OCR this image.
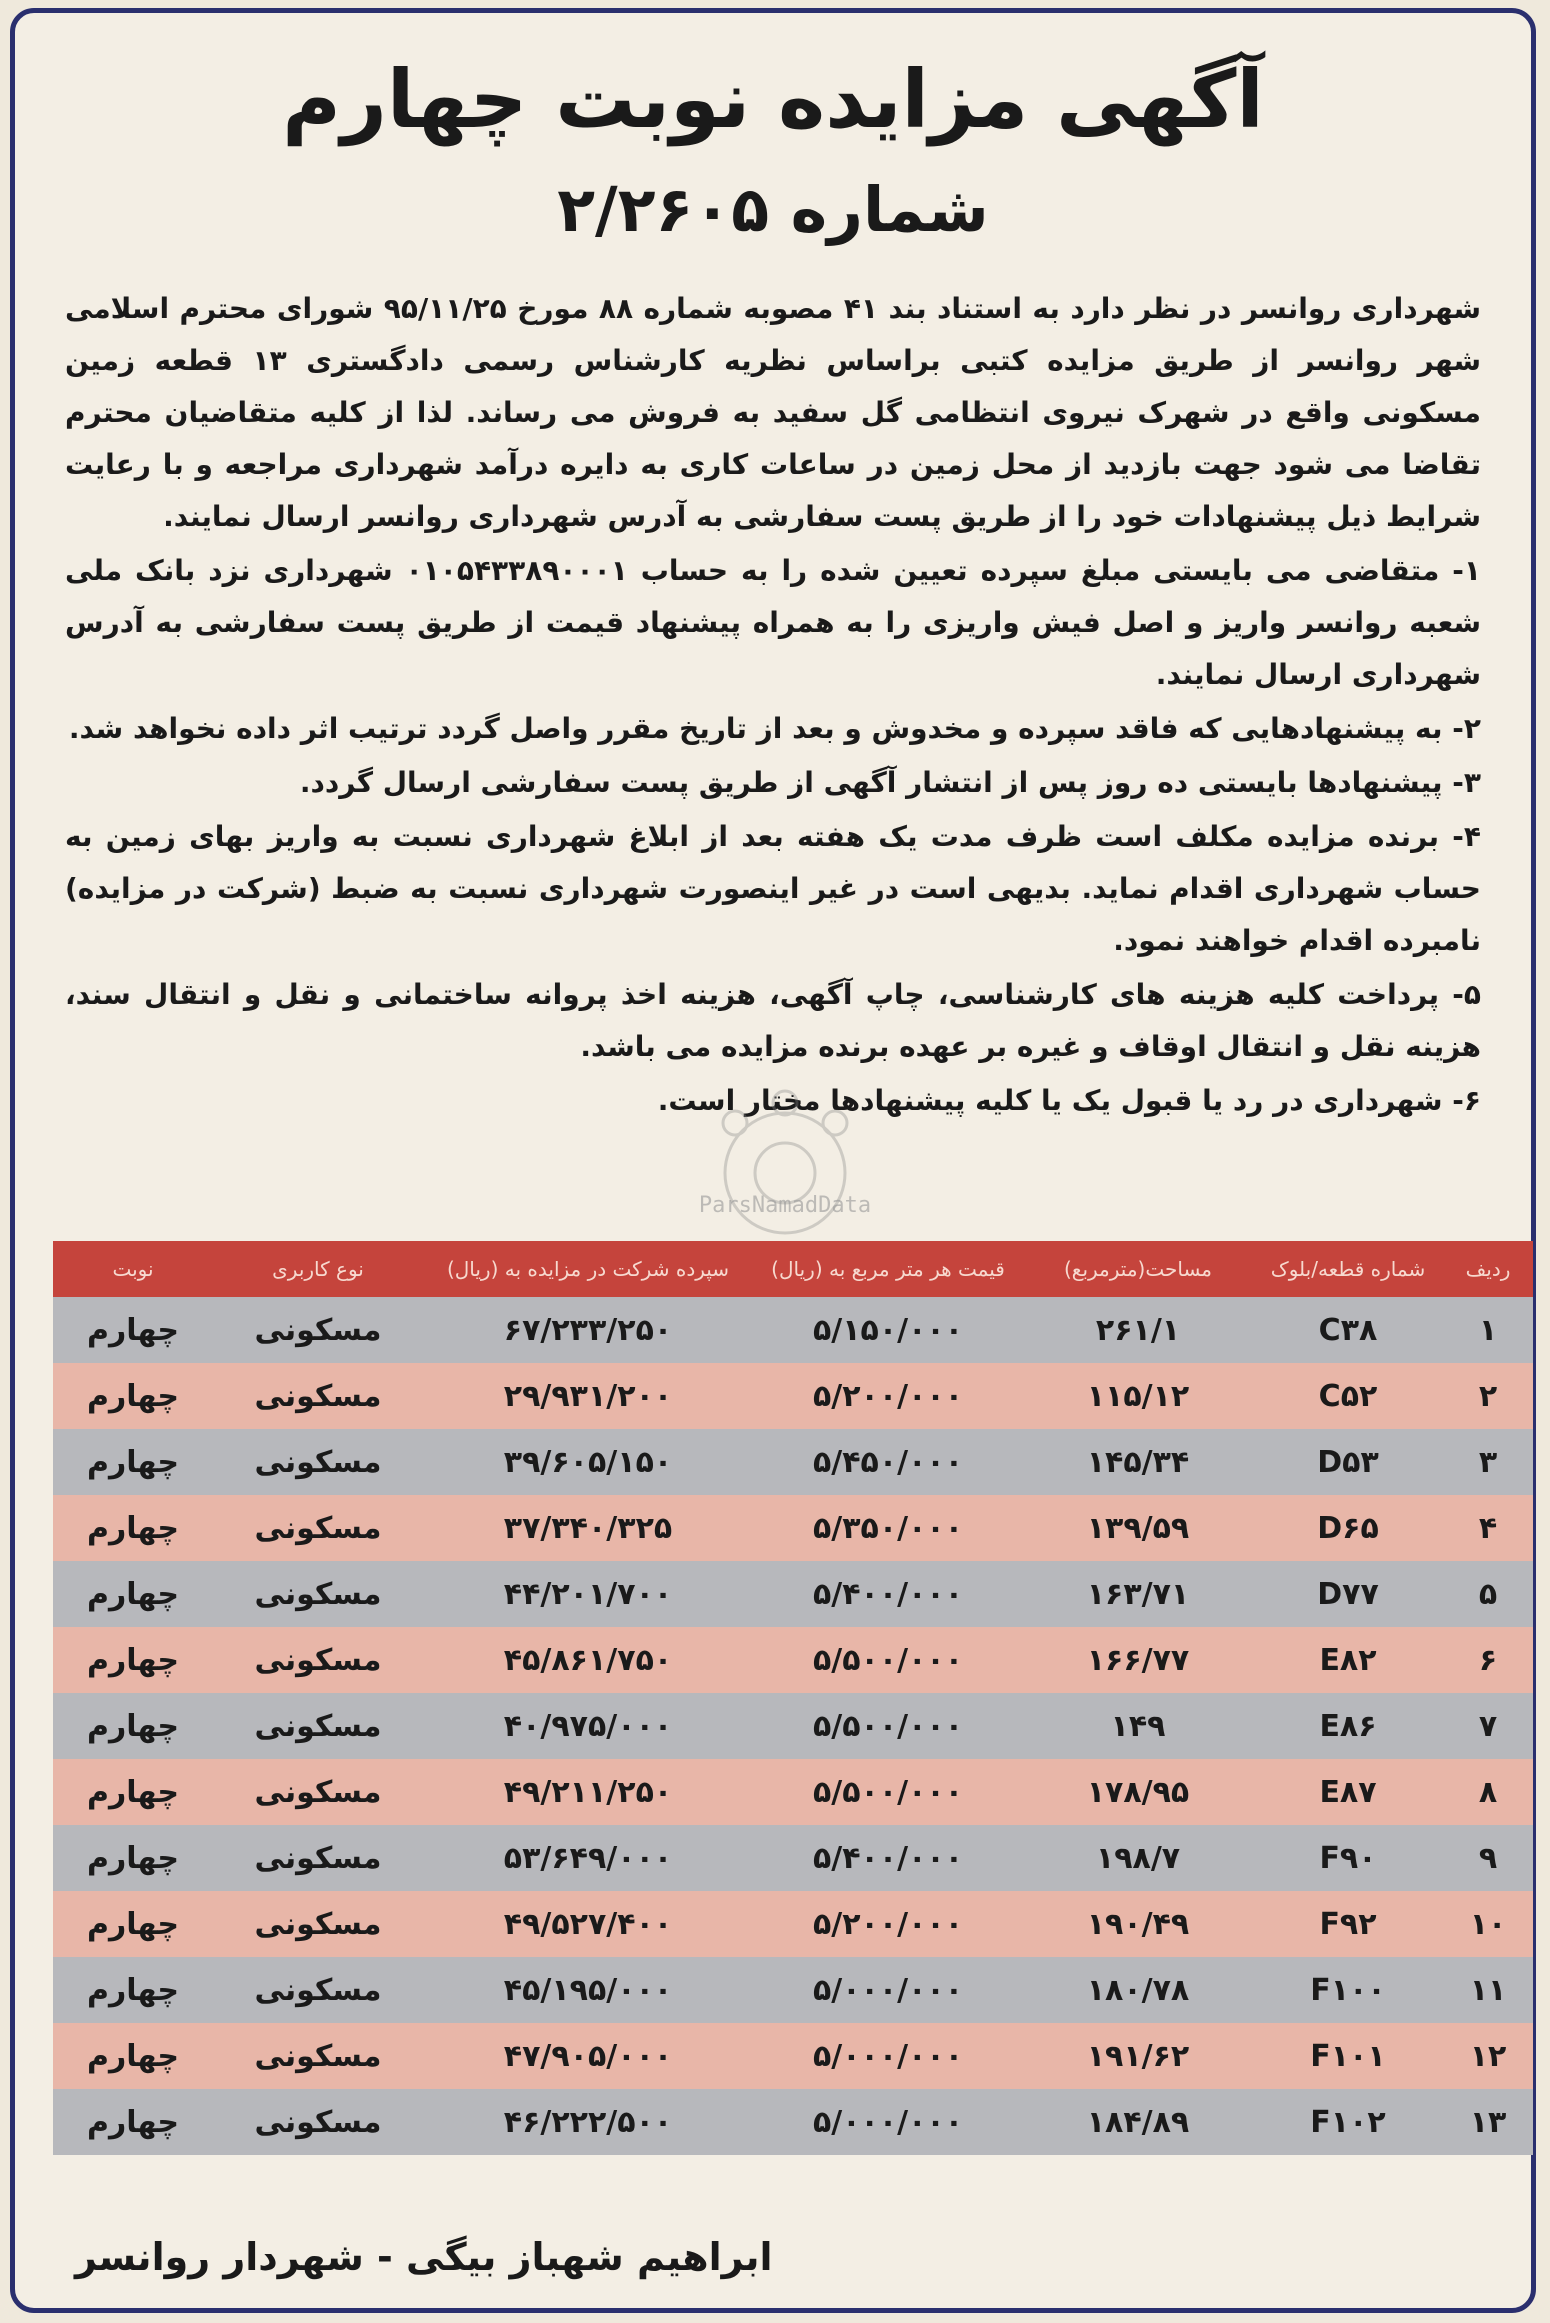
آگهی مزایده نوبت چهارم
شماره ۲/۲۶۰۵

شهرداری روانسر در نظر دارد به استناد بند ۴۱ مصوبه شماره ۸۸ مورخ ۹۵/۱۱/۲۵ شورای محترم اسلامی شهر روانسر از طریق مزایده کتبی براساس نظریه کارشناس رسمی دادگستری ۱۳ قطعه زمین مسکونی واقع در شهرک نیروی انتظامی گل سفید به فروش می رساند. لذا از کلیه متقاضیان محترم تقاضا می شود جهت بازدید از محل زمین در ساعات کاری به دایره درآمد شهرداری مراجعه و با رعایت شرایط ذیل پیشنهادات خود را از طریق پست سفارشی به آدرس شهرداری روانسر ارسال نمایند.

۱- متقاضی می بایستی مبلغ سپرده تعیین شده را به حساب ۰۱۰۵۴۳۳۸۹۰۰۰۱ شهرداری نزد بانک ملی شعبه روانسر واریز و اصل فیش واریزی را به همراه پیشنهاد قیمت از طریق پست سفارشی به آدرس شهرداری ارسال نمایند.

۲- به پیشنهادهایی که فاقد سپرده و مخدوش و بعد از تاریخ مقرر واصل گردد ترتیب اثر داده نخواهد شد.

۳- پیشنهادها بایستی ده روز پس از انتشار آگهی از طریق پست سفارشی ارسال گردد.

۴- برنده مزایده مکلف است ظرف مدت یک هفته بعد از ابلاغ شهرداری نسبت به واریز بهای زمین به حساب شهرداری اقدام نماید. بدیهی است در غیر اینصورت شهرداری نسبت به ضبط (شرکت در مزایده) نامبرده اقدام خواهند نمود.

۵- پرداخت کلیه هزینه های کارشناسی، چاپ آگهی، هزینه اخذ پروانه ساختمانی و نقل و انتقال سند، هزینه نقل و انتقال اوقاف و غیره بر عهده برنده مزایده می باشد.

۶- شهرداری در رد یا قبول یک یا کلیه پیشنهادها مختار است.

ParsNamadData
ردیف
شماره قطعه/بلوک
مساحت(مترمربع)
قیمت هر متر مربع به (ریال)
سپرده شرکت در مزایده به (ریال)
نوع کاربری
نوبت
۱
C۳۸
۲۶۱/۱
۵/۱۵۰/۰۰۰
۶۷/۲۳۳/۲۵۰
مسکونی
چهارم
۲
C۵۲
۱۱۵/۱۲
۵/۲۰۰/۰۰۰
۲۹/۹۳۱/۲۰۰
مسکونی
چهارم
۳
D۵۳
۱۴۵/۳۴
۵/۴۵۰/۰۰۰
۳۹/۶۰۵/۱۵۰
مسکونی
چهارم
۴
D۶۵
۱۳۹/۵۹
۵/۳۵۰/۰۰۰
۳۷/۳۴۰/۳۲۵
مسکونی
چهارم
۵
D۷۷
۱۶۳/۷۱
۵/۴۰۰/۰۰۰
۴۴/۲۰۱/۷۰۰
مسکونی
چهارم
۶
E۸۲
۱۶۶/۷۷
۵/۵۰۰/۰۰۰
۴۵/۸۶۱/۷۵۰
مسکونی
چهارم
۷
E۸۶
۱۴۹
۵/۵۰۰/۰۰۰
۴۰/۹۷۵/۰۰۰
مسکونی
چهارم
۸
E۸۷
۱۷۸/۹۵
۵/۵۰۰/۰۰۰
۴۹/۲۱۱/۲۵۰
مسکونی
چهارم
۹
F۹۰
۱۹۸/۷
۵/۴۰۰/۰۰۰
۵۳/۶۴۹/۰۰۰
مسکونی
چهارم
۱۰
F۹۲
۱۹۰/۴۹
۵/۲۰۰/۰۰۰
۴۹/۵۲۷/۴۰۰
مسکونی
چهارم
۱۱
F۱۰۰
۱۸۰/۷۸
۵/۰۰۰/۰۰۰
۴۵/۱۹۵/۰۰۰
مسکونی
چهارم
۱۲
F۱۰۱
۱۹۱/۶۲
۵/۰۰۰/۰۰۰
۴۷/۹۰۵/۰۰۰
مسکونی
چهارم
۱۳
F۱۰۲
۱۸۴/۸۹
۵/۰۰۰/۰۰۰
۴۶/۲۲۲/۵۰۰
مسکونی
چهارم
ابراهیم شهباز بیگی - شهردار روانسر
